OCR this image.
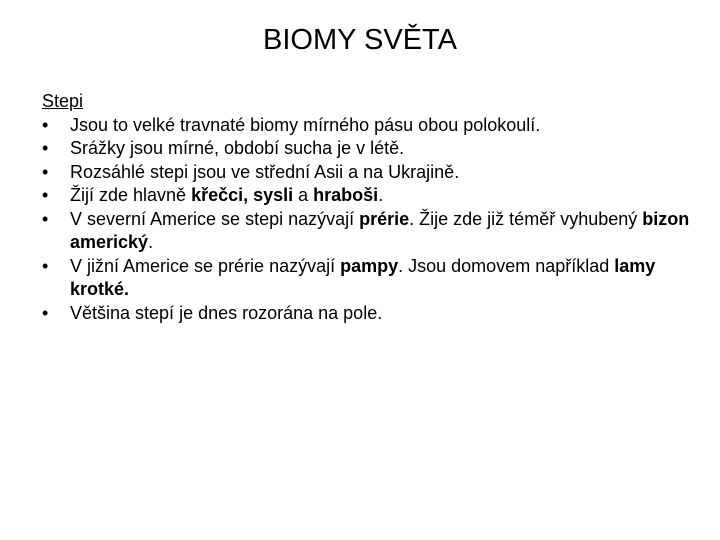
BIOMY SVĚTA
Stepi
• Jsou to velké travnaté biomy mírného pásu obou polokoulí.
• Srážky jsou mírné, období sucha je v létě.
• Rozsáhlé stepi jsou ve střední Asii a na Ukrajině.
• Žijí zde hlavně křečci, sysli a hraboši.
• V severní Americe se stepi nazývají prérie. Žije zde již téměř vyhubený bizon americký.
• V jižní Americe se prérie nazývají pampy. Jsou domovem například lamy krotké.
• Většina stepí je dnes rozorána na pole.
